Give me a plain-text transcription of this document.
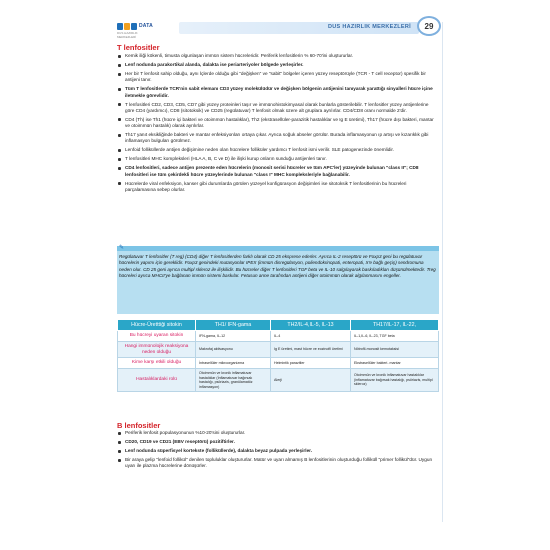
DATA
DUS HAZIRLIK MERKEZLERİ
DUS HAZIRLIK MERKEZLERİ	29
T lenfositler
Kemik iliği kökenli, timusta olgunlaşan immün sistem hücreleridir. Periferik lenfositlerin % 60-70'ini oluştururlar.
Lenf nodunda parakortikal alanda, dalakta ise periarteriyoler bölgede yerleşirler.
Her bir T lenfosit sahip olduğu, aynı İçlerde olduğu gibi "değişken" ve "sabit" bölgeler içeren yüzey reseptörüyle (TCR - T cell receptor) spesifik bir antijeni tanır.
Tüm T lenfositlerde TCR'nin sabit elemanı CD3 yüzey molekülüdür ve değişken bölgenin antijenini tanıyarak yarattığı sinyalleri hücre içine iletmekle görevlidir.
T lenfositleri CD2, CD3, CD5, CD7 gibi yüzey proteinleri taşır ve immünohistokimyasal olarak bunlarla gösterilebilir. T lenfositler yüzey antijenlerine göre CD4 (yardımcı), CD8 (sitotoksik) ve CD25 (regülatuvar) T lenfosit olmak üzere alt gruplara ayrılırlar. CD4/CD8 oranı normalde 2'dir.
CD4 (Th) ise Th1 (hücre içi bakteri ve otoimmün hastalıklar), Th2 (ekstrasellüler-parazitik hastalıklar ve Ig E üretimi), Th17 (hücre dışı bakteri, mantar ve otoimmün hastalık) olarak ayrılırlar.
Th17 yanıt eksikliğinde bakteri ve mantar enfeksiyonları ortaya çıkar. Ayrıca soğuk abseler görülür. Burada inflamasyonun ıp artışı ve kızarıklık gibi inflamasyon bulguları görülmez.
Lenfoid folliküllerde antijen değişimine neden olan hücrelere folliküler yardımcı T lenfosit ismi verilir. SLE patogenezinde önemlidir.
T lenfositleri MHC kompleksleri (HLA A, B, C ve D) ile ilişki kurup onların sunduğu antijenleri tanır.
CD4 lenfositleri, sadece antijen prezente eden hücrelerin (monosit serisi hücreler ve tüm APC'ler) yüzeyinde bulunan "class II"; CD8 lenfositleri ise tüm çekirdekli hücre yüzeylerinde bulunan "class I" MHC kompleksleriyle bağlanabilir.
Hücrelerde viral enfeksiyon, kanser gibi durumlarda görülen yüzeyel konfigürasyon değişimleri ise sitotoksik T lenfositlerinin bu hücreleri parçalamasına sebep olurlar.
✎
Regülatuvar T lenfositler (T reg) (CD4) diğer T lenfositlerden farklı olarak CD 25 eksprese ederler. Ayrıca IL-2 reseptörü ve Foxp3 geni bu regülatuvar hücrelerin yapımı için gereklidir. Foxp3 genindeki mutasyonlar IPEX (immün disregülasyon, poliendokrinopati, enteropati, X'e bağlı geçiş) sendromuna neden olur. CD 25 geni ayrıca multipl skleroz ile ilişkilidir. Bu hücreler diğer T lenfositleri TGF beta ve IL-10 salgılayarak baskıladıkları düşünülmektedir. Treg hücreleri ayrıca MHCII'ye bağlanan immün sistemi baskılar. Fetusun anne tarafından antijeni diğer otoimmün olarak algılanmasını engeller.
Hücre-Üretttiği sitokin	TH1/ IFN-gama	TH2/IL-4,IL-5, IL-13	TH17/IL-17, IL-22,
Bu hücreyi uyaran sitokin	IFN-gama, IL-12	IL-4	IL-1,IL-6, IL-23, TGF beta
Hangi immünolojik reaksiyona neden olduğu	Makrofaj aktivasyonu	Ig E üretimi, mast hücre ve eozinofil üretimi	Nötrofil-monosit kemotaksisi
Kime karşı etkili olduğu	İntrasellüler mikroorganizma	Helmintik parazitler	Ekstrasellüler bakteri- mantar
Hastalıklardaki rolü	Otoimmün ve kronik inflamatuvar hastalıklar (İnflamatuvar bağırsak hastalığı, psöriazis, granülamatöz inflamasyon)	Alerji	Otoimmün ve kronik inflamatuvar hastalıklar (inflamatuvar bağırsak hastalığı, psöriazis, multipl skleroz)
B lenfositler
Periferik lenfosit populasyonunun %10-20'sini oluştururlar.
CD20, CD19 ve CD21 (EBV reseptörü) pozitiftirler.
Lenf nodunda süperfisyel kortekste (folliküllerde), dalakta beyaz pulpada yerleşirler.
Bir araya gelip "lenfoid follikül" denilen topluluklar oluştururlar. Matür ve uyarı almamış B lenfositlerinin oluşturduğu folliküll "primer follikül"dür. Uygun uyarı ile plazma hücrelerine dönüşürler.
